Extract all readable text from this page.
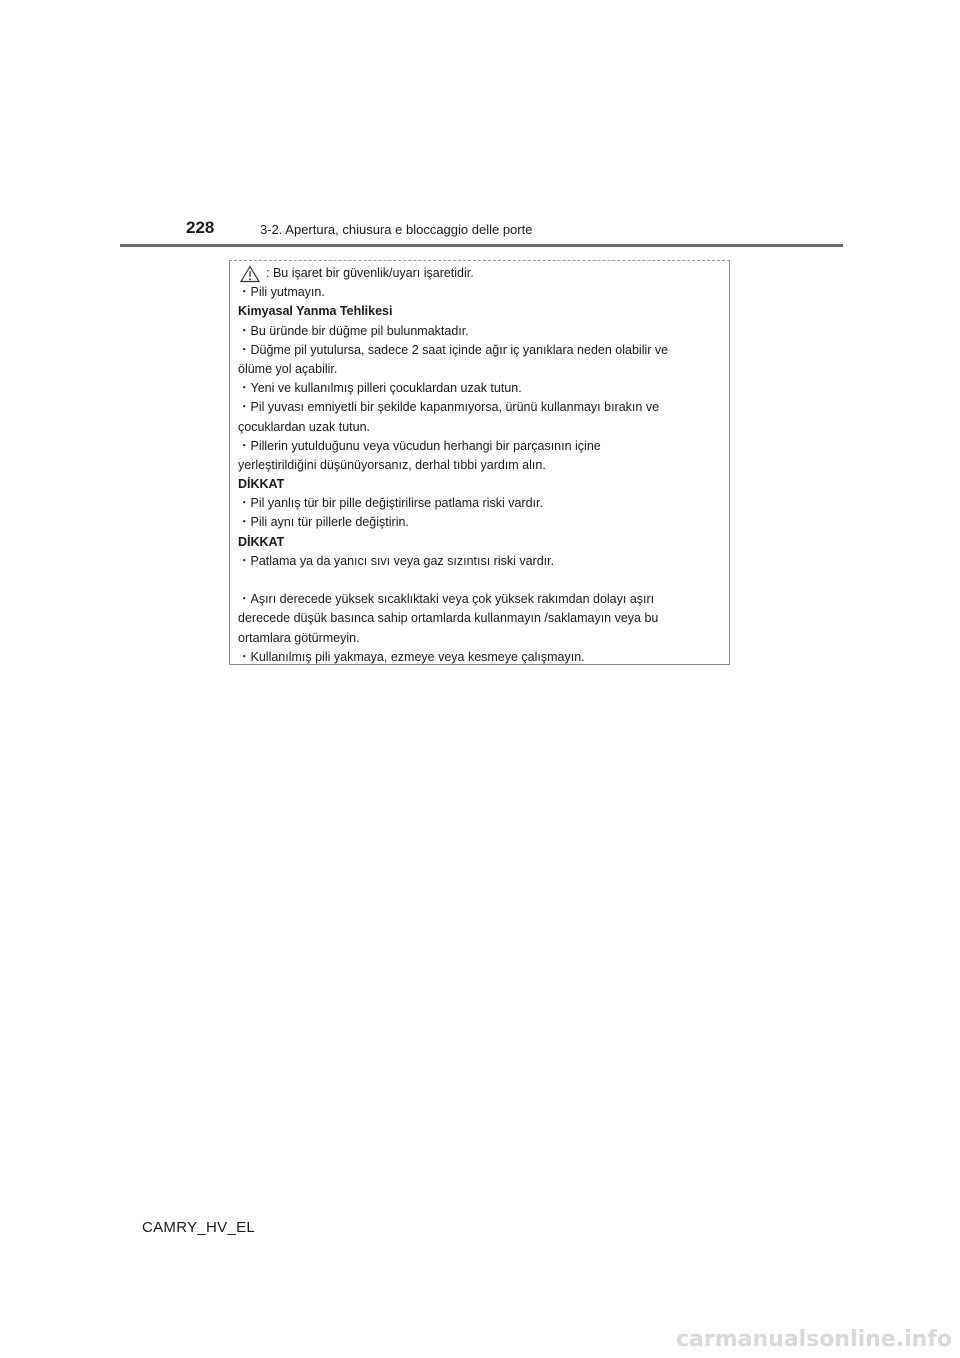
228	3-2. Apertura, chiusura e bloccaggio delle porte
: Bu işaret bir güvenlik/uyarı işaretidir.
・Pili yutmayın.
Kimyasal Yanma Tehlikesi
・Bu üründe bir düğme pil bulunmaktadır.
・Düğme pil yutulursa, sadece 2 saat içinde ağır iç yanıklara neden olabilir ve
ölüme yol açabilir.
・Yeni ve kullanılmış pilleri çocuklardan uzak tutun.
・Pil yuvası emniyetli bir şekilde kapanmıyorsa, ürünü kullanmayı bırakın ve
çocuklardan uzak tutun.
・Pillerin yutulduğunu veya vücudun herhangi bir parçasının içine
yerleştirildiğini düşünüyorsanız, derhal tıbbi yardım alın.
DİKKAT
・Pil yanlış tür bir pille değiştirilirse patlama riski vardır.
・Pili aynı tür pillerle değiştirin.
DİKKAT
・Patlama ya da yanıcı sıvı veya gaz sızıntısı riski vardır.
・Aşırı derecede yüksek sıcaklıktaki veya çok yüksek rakımdan dolayı aşırı
derecede düşük basınca sahip ortamlarda kullanmayın /saklamayın veya bu
ortamlara götürmeyin.
・Kullanılmış pili yakmaya, ezmeye veya kesmeye çalışmayın.
CAMRY_HV_EL
carmanualsonline.info
